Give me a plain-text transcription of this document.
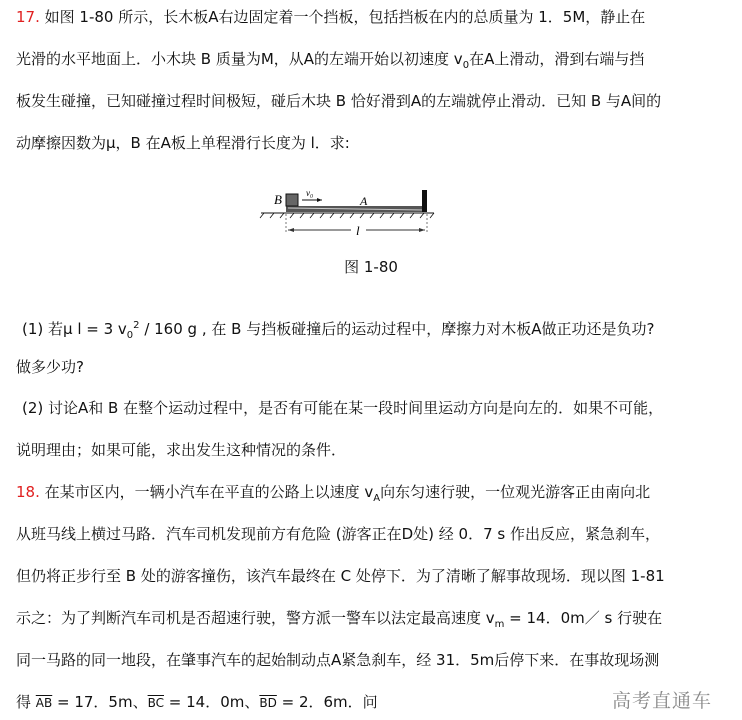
17. 如图 1-80 所示，长木板A右边固定着一个挡板，包括挡板在内的总质量为 1．5M，静止在
光滑的水平地面上．小木块 B 质量为M，从A的左端开始以初速度 $v_0$在A上滑动，滑到右端与挡
板发生碰撞，已知碰撞过程时间极短，碰后木块 B 恰好滑到A的左端就停止滑动．已知 B 与A间的
动摩擦因数为μ，B 在A板上单程滑行长度为 l．求:
B	A
v₀
l
图 1-80
(1) 若μ l = 3 $v_0^2 / 160$ g , 在 B 与挡板碰撞后的运动过程中，摩擦力对木板A做正功还是负功?
做多少功?
(2) 讨论A和 B 在整个运动过程中，是否有可能在某一段时间里运动方向是向左的．如果不可能，
说明理由；如果可能，求出发生这种情况的条件．
18. 在某市区内，一辆小汽车在平直的公路上以速度 $v_A$向东匀速行驶，一位观光游客正由南向北
从班马线上横过马路．汽车司机发现前方有危险 (游客正在D处) 经 0．7 s 作出反应，紧急刹车，
但仍将正步行至 B 处的游客撞伤，该汽车最终在 C 处停下．为了清晰了解事故现场．现以图 1-81
示之：为了判断汽车司机是否超速行驶，警方派一警车以法定最高速度 $v_m = 14$．0m／ s 行驶在
同一马路的同一地段，在肇事汽车的起始制动点A紧急刹车，经 31．5m后停下来．在事故现场测
得 $\overline{AB} = 17$．5m、$\overline{BC} = 14$．0m、$\overline{BD} = 2$．6m．问	高考直通车
